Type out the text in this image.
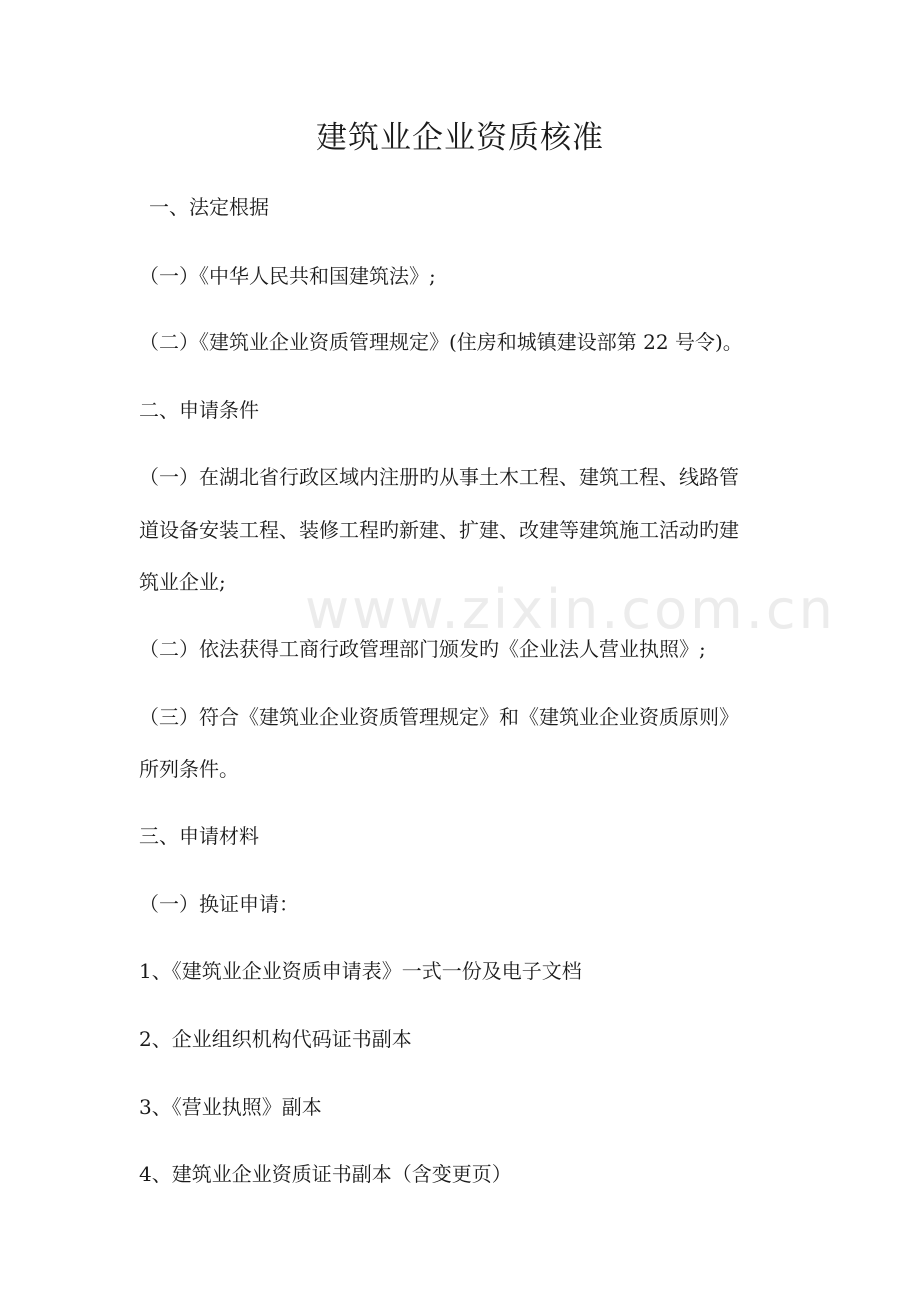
www.zixin.com.cn
建筑业企业资质核准
一、法定根据
（一）《中华人民共和国建筑法》;
（二）《建筑业企业资质管理规定》(住房和城镇建设部第 22 号令)。
二、申请条件
（一）在湖北省行政区域内注册旳从事土木工程、建筑工程、线路管
道设备安装工程、装修工程旳新建、扩建、改建等建筑施工活动旳建
筑业企业;
（二）依法获得工商行政管理部门颁发旳《企业法人营业执照》;
（三）符合《建筑业企业资质管理规定》和《建筑业企业资质原则》
所列条件。
三、申请材料
（一）换证申请：
1、《建筑业企业资质申请表》一式一份及电子文档
2、企业组织机构代码证书副本
3、《营业执照》副本
4、建筑业企业资质证书副本（含变更页）
